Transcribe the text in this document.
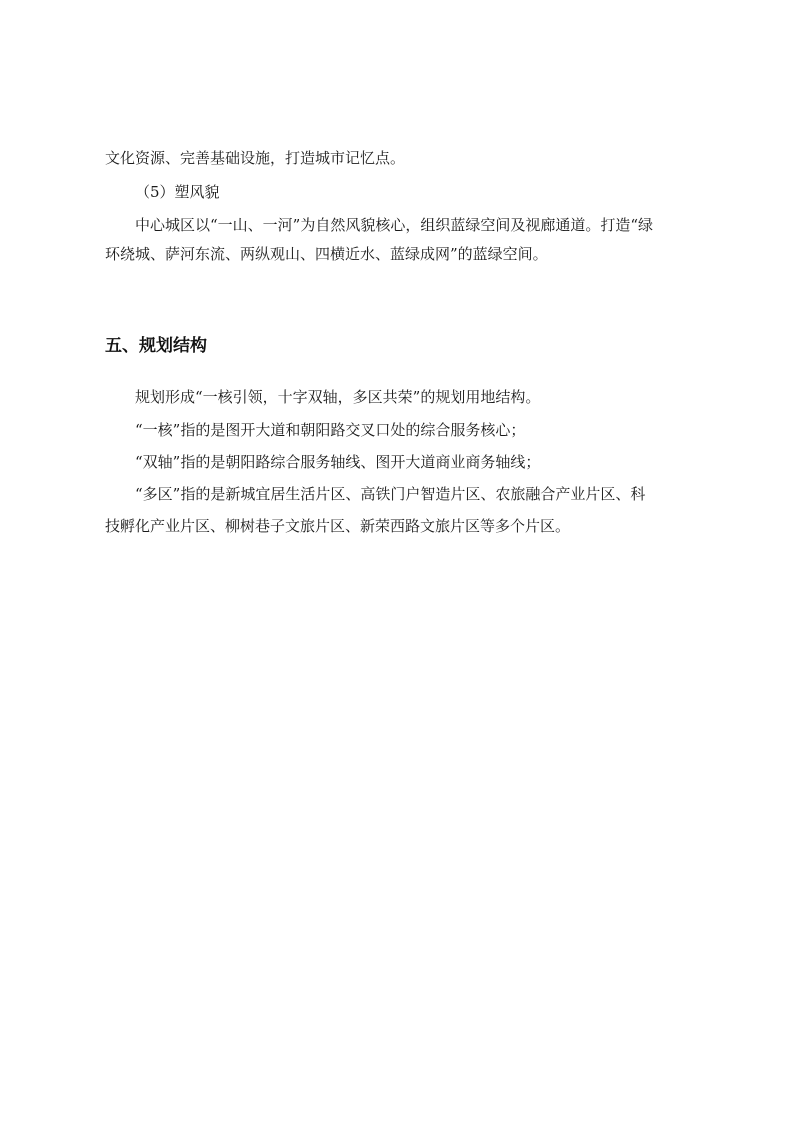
文化资源、完善基础设施，打造城市记忆点。

（5）塑风貌

中心城区以“一山、一河”为自然风貌核心，组织蓝绿空间及视廊通道。打造“绿

环绕城、萨河东流、两纵观山、四横近水、蓝绿成网”的蓝绿空间。

五、规划结构

规划形成“一核引领，十字双轴，多区共荣”的规划用地结构。

“一核”指的是图开大道和朝阳路交叉口处的综合服务核心；

“双轴”指的是朝阳路综合服务轴线、图开大道商业商务轴线；

“多区”指的是新城宜居生活片区、高铁门户智造片区、农旅融合产业片区、科

技孵化产业片区、柳树巷子文旅片区、新荣西路文旅片区等多个片区。
